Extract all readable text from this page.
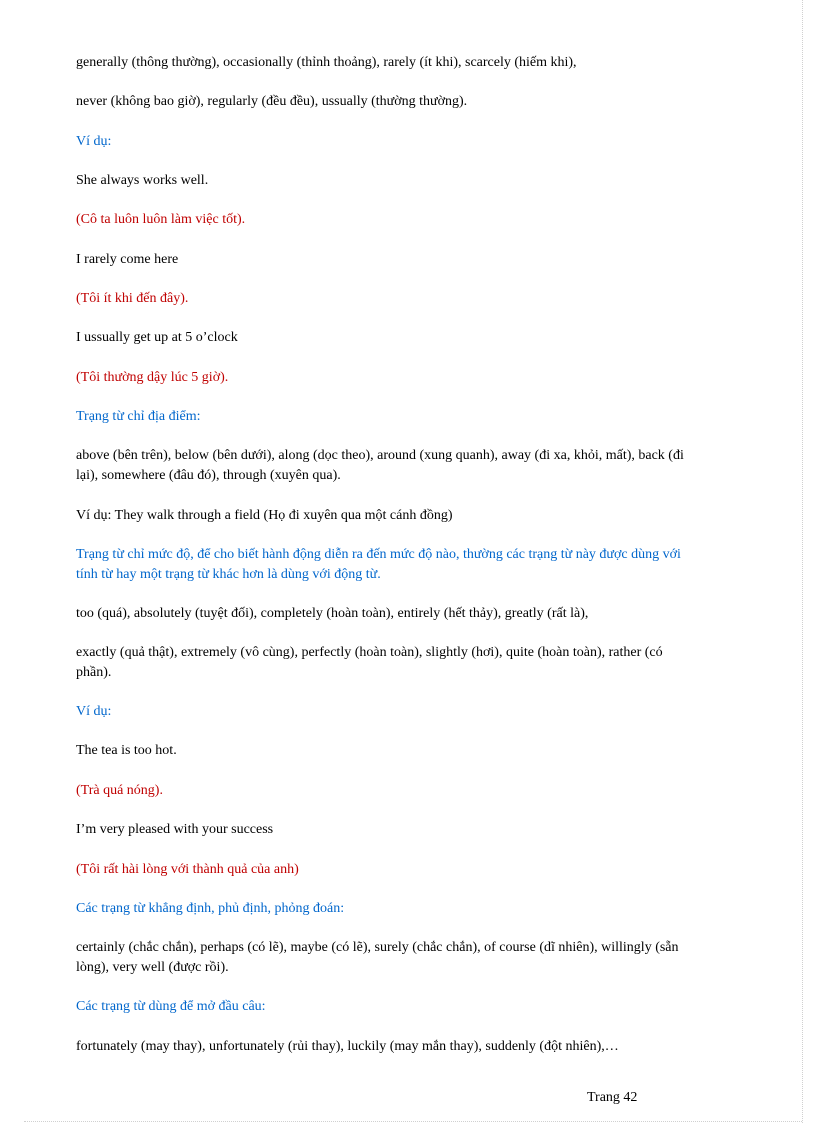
generally (thông thường), occasionally (thỉnh thoảng), rarely (ít khi), scarcely (hiếm khi),

never (không bao giờ), regularly (đều đều), ussually (thường thường).

Ví dụ:

She always works well.

(Cô ta luôn luôn làm việc tốt).

I rarely come here

(Tôi ít khi đến đây).

I ussually get up at 5 o’clock

(Tôi thường dậy lúc 5 giờ).

Trạng từ chỉ địa điểm:

above (bên trên), below (bên dưới), along (dọc theo), around (xung quanh), away (đi xa, khỏi, mất), back (đi lại), somewhere (đâu đó), through (xuyên qua).

Ví dụ: They walk through a field (Họ đi xuyên qua một cánh đồng)

Trạng từ chỉ mức độ, để cho biết hành động diễn ra đến mức độ nào, thường các trạng từ này được dùng với tính từ hay một trạng từ khác hơn là dùng với động từ.

too (quá), absolutely (tuyệt đối), completely (hoàn toàn), entirely (hết thảy), greatly (rất là),

exactly (quả thật), extremely (vô cùng), perfectly (hoàn toàn), slightly (hơi), quite (hoàn toàn), rather (có phần).

Ví dụ:

The tea is too hot.

(Trà quá nóng).

I’m very pleased with your success

(Tôi rất hài lòng với thành quả của anh)

Các trạng từ khẳng định, phủ định, phỏng đoán:

certainly (chắc chắn), perhaps (có lẽ), maybe (có lẽ), surely (chắc chắn), of course (dĩ nhiên), willingly (sẵn lòng), very well (được rồi).

Các trạng từ dùng để mở đầu câu:

fortunately (may thay), unfortunately (rủi thay), luckily (may mắn thay), suddenly (đột nhiên),…

Trang 42
